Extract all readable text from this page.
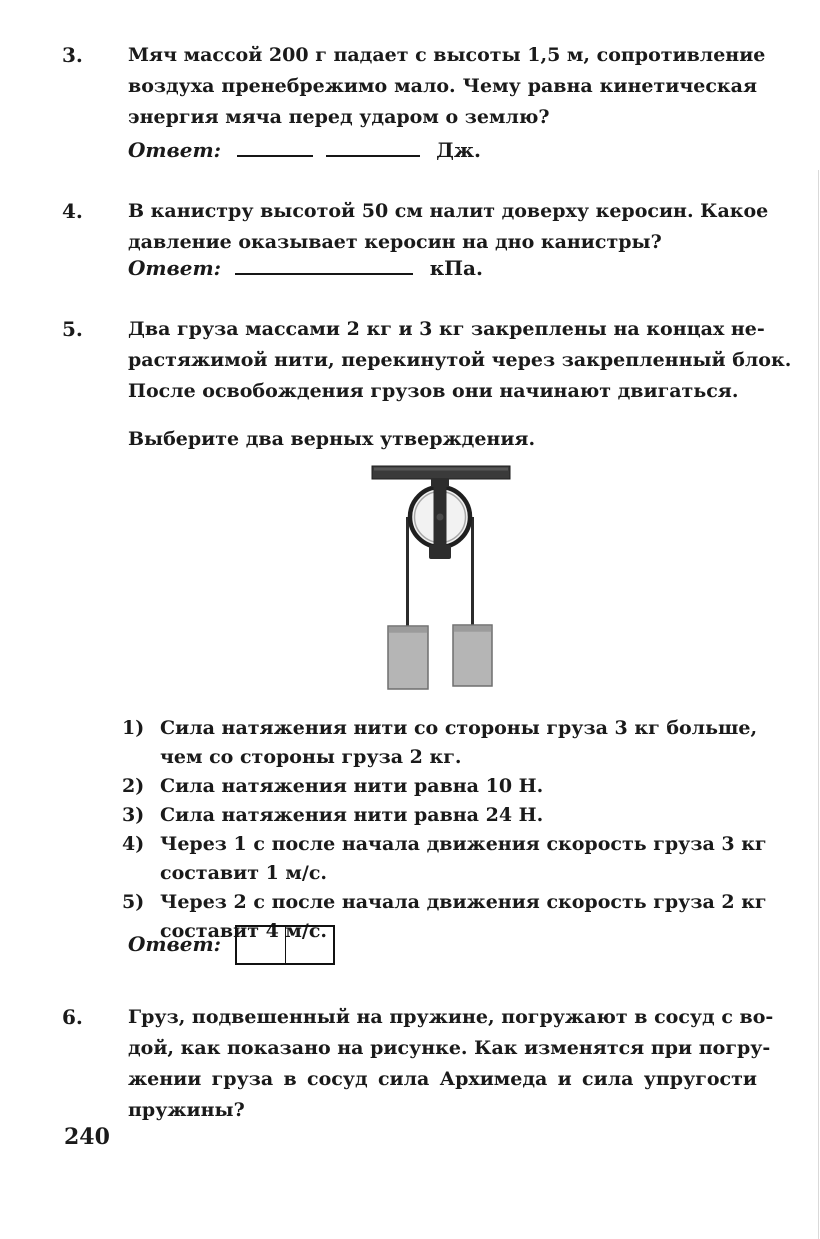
3.	Мяч массой 200 г падает с высоты 1,5 м, сопротивление
воздуха пренебрежимо мало. Чему равна кинетическая
энергия мяча перед ударом о землю?
Ответ:	Дж.
4.	В канистру высотой 50 см налит доверху керосин. Какое
давление оказывает керосин на дно канистры?
Ответ:	кПа.
5.	Два груза массами 2 кг и 3 кг закреплены на концах не-
растяжимой нити, перекинутой через закрепленный блок.
После освобождения грузов они начинают двигаться.
Выберите два верных утверждения.
1) Сила натяжения нити со стороны груза 3 кг больше,
чем со стороны груза 2 кг.
2) Сила натяжения нити равна 10 Н.
3) Сила натяжения нити равна 24 Н.
4) Через 1 с после начала движения скорость груза 3 кг
составит 1 м/с.
5) Через 2 с после начала движения скорость груза 2 кг
составит 4 м/с.
Ответ:
6.	Груз, подвешенный на пружине, погружают в сосуд с во-
дой, как показано на рисунке. Как изменятся при погру-
жении груза в сосуд сила Архимеда и сила упругости
пружины?
240
